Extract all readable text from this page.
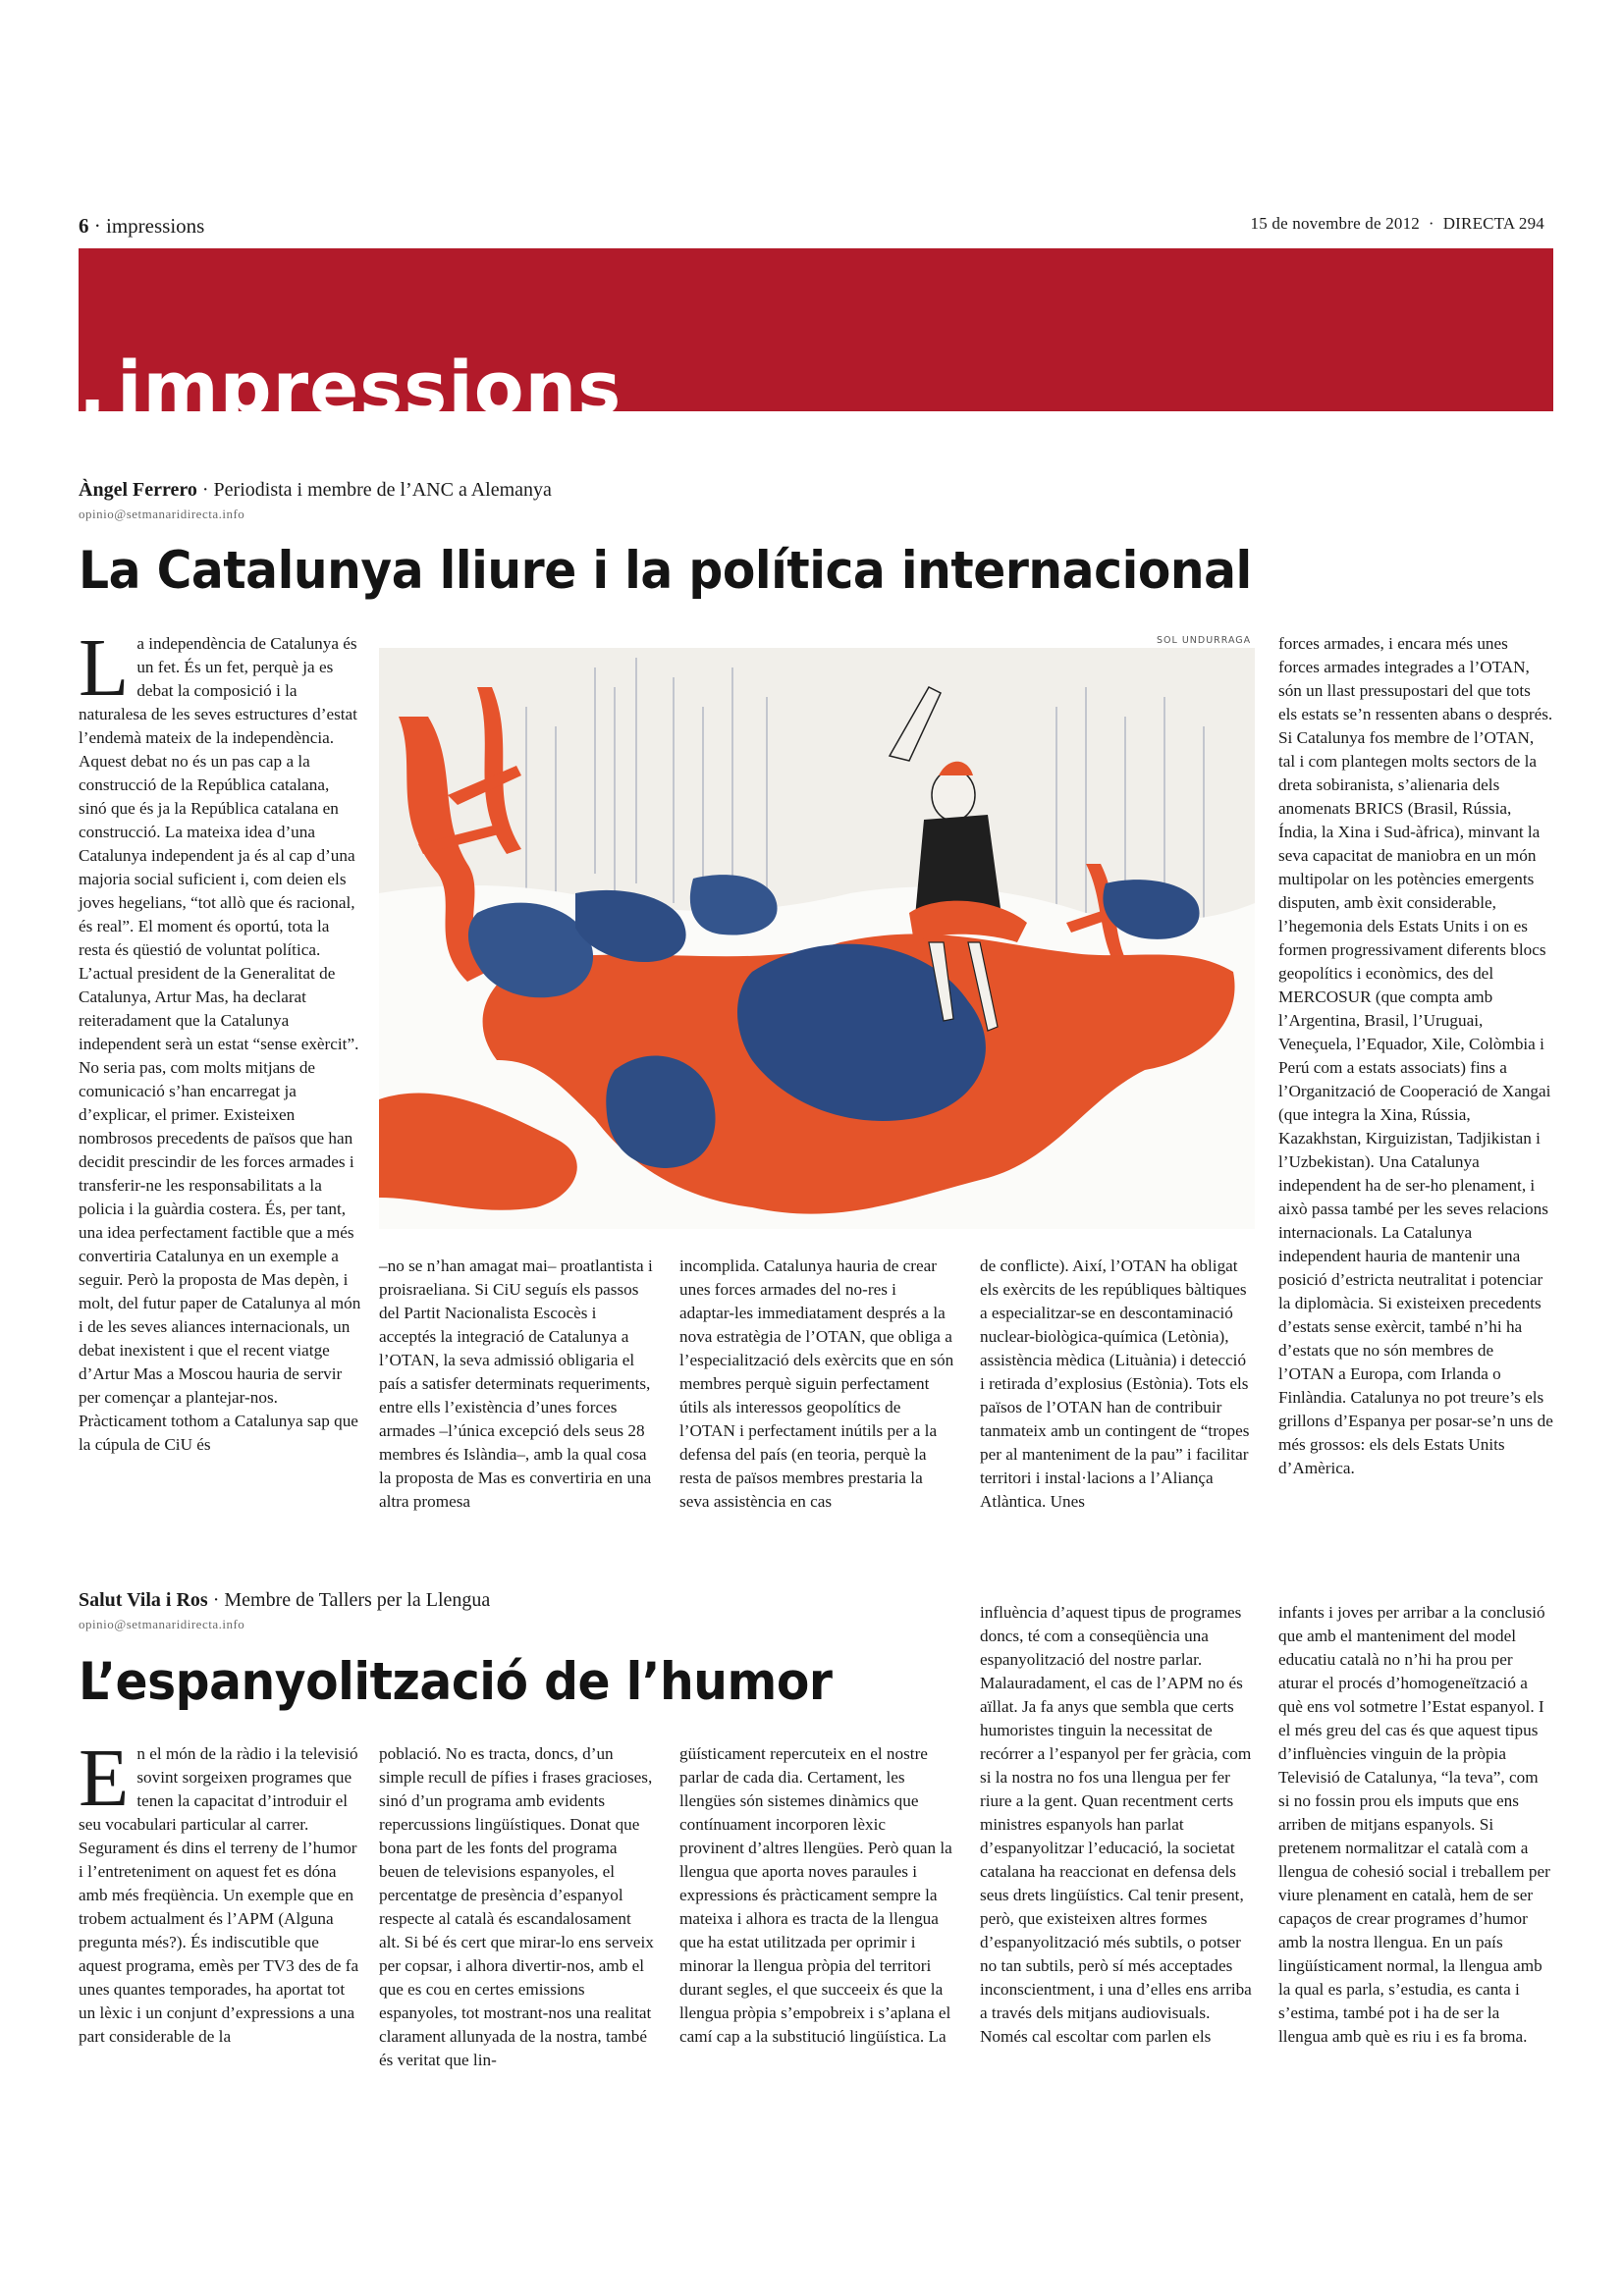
6 · impressions	15 de novembre de 2012 · DIRECTA 294
, impressions
Àngel Ferrero · Periodista i membre de l’ANC a Alemanya
opinio@setmanaridirecta.info
La Catalunya lliure i la política internacional
La independència de Catalunya és un fet. És un fet, perquè ja es debat la composició i la naturalesa de les seves estructures d’estat l’endemà mateix de la independència. Aquest debat no és un pas cap a la construcció de la República catalana, sinó que és ja la República catalana en construcció. La mateixa idea d’una Catalunya independent ja és al cap d’una majoria social suficient i, com deien els joves hegelians, “tot allò que és racional, és real”. El moment és oportú, tota la resta és qüestió de voluntat política. L’actual president de la Generalitat de Catalunya, Artur Mas, ha declarat reiteradament que la Catalunya independent serà un estat “sense exèrcit”. No seria pas, com molts mitjans de comunicació s’han encarregat ja d’explicar, el primer. Existeixen nombrosos precedents de països que han decidit prescindir de les forces armades i transferir-ne les responsabilitats a la policia i la guàrdia costera. És, per tant, una idea perfectament factible que a més convertiria Catalunya en un exemple a seguir. Però la proposta de Mas depèn, i molt, del futur paper de Catalunya al món i de les seves aliances internacionals, un debat inexistent i que el recent viatge d’Artur Mas a Moscou hauria de servir per començar a plantejar-nos. Pràcticament tothom a Catalunya sap que la cúpula de CiU és
SOL UNDURRAGA
–no se n’han amagat mai– proatlantista i proisraeliana. Si CiU seguís els passos del Partit Nacionalista Escocès i acceptés la integració de Catalunya a l’OTAN, la seva admissió obligaria el país a satisfer determinats requeriments, entre ells l’existència d’unes forces armades –l’única excepció dels seus 28 membres és Islàndia–, amb la qual cosa la proposta de Mas es convertiria en una altra promesa
incomplida. Catalunya hauria de crear unes forces armades del no-res i adaptar-les immediatament després a la nova estratègia de l’OTAN, que obliga a l’especialització dels exèrcits que en són membres perquè siguin perfectament útils als interessos geopolítics de l’OTAN i perfectament inútils per a la defensa del país (en teoria, perquè la resta de països membres prestaria la seva assistència en cas
de conflicte). Així, l’OTAN ha obligat els exèrcits de les repúbliques bàltiques a especialitzar-se en descontaminació nuclear-biològica-química (Letònia), assistència mèdica (Lituània) i detecció i retirada d’explosius (Estònia). Tots els països de l’OTAN han de contribuir tanmateix amb un contingent de “tropes per al manteniment de la pau” i facilitar territori i instal·lacions a l’Aliança Atlàntica. Unes
forces armades, i encara més unes forces armades integrades a l’OTAN, són un llast pressupostari del que tots els estats se’n ressenten abans o després. Si Catalunya fos membre de l’OTAN, tal i com plantegen molts sectors de la dreta sobiranista, s’alienaria dels anomenats BRICS (Brasil, Rússia, Índia, la Xina i Sud-àfrica), minvant la seva capacitat de maniobra en un món multipolar on les potències emergents disputen, amb èxit considerable, l’hegemonia dels Estats Units i on es formen progressivament diferents blocs geopolítics i econòmics, des del MERCOSUR (que compta amb l’Argentina, Brasil, l’Uruguai, Veneçuela, l’Equador, Xile, Colòmbia i Perú com a estats associats) fins a l’Organització de Cooperació de Xangai (que integra la Xina, Rússia, Kazakhstan, Kirguizistan, Tadjikistan i l’Uzbekistan). Una Catalunya independent ha de ser-ho plenament, i això passa també per les seves relacions internacionals. La Catalunya independent hauria de mantenir una posició d’estricta neutralitat i potenciar la diplomàcia. Si existeixen precedents d’estats sense exèrcit, també n’hi ha d’estats que no són membres de l’OTAN a Europa, com Irlanda o Finlàndia. Catalunya no pot treure’s els grillons d’Espanya per posar-se’n uns de més grossos: els dels Estats Units d’Amèrica.
Salut Vila i Ros · Membre de Tallers per la Llengua
opinio@setmanaridirecta.info
L’espanyolització de l’humor
En el món de la ràdio i la televisió sovint sorgeixen programes que tenen la capacitat d’introduir el seu vocabulari particular al carrer. Segurament és dins el terreny de l’humor i l’entreteniment on aquest fet es dóna amb més freqüència. Un exemple que en trobem actualment és l’APM (Alguna pregunta més?). És indiscutible que aquest programa, emès per TV3 des de fa unes quantes temporades, ha aportat tot un lèxic i un conjunt d’expressions a una part considerable de la
població. No es tracta, doncs, d’un simple recull de pífies i frases gracioses, sinó d’un programa amb evidents repercussions lingüístiques. Donat que bona part de les fonts del programa beuen de televisions espanyoles, el percentatge de presència d’espanyol respecte al català és escandalosament alt. Si bé és cert que mirar-lo ens serveix per copsar, i alhora divertir-nos, amb el que es cou en certes emissions espanyoles, tot mostrant-nos una realitat clarament allunyada de la nostra, també és veritat que lin-
güísticament repercuteix en el nostre parlar de cada dia. Certament, les llengües són sistemes dinàmics que contínuament incorporen lèxic provinent d’altres llengües. Però quan la llengua que aporta noves paraules i expressions és pràcticament sempre la mateixa i alhora es tracta de la llengua que ha estat utilitzada per oprimir i minorar la llengua pròpia del territori durant segles, el que succeeix és que la llengua pròpia s’empobreix i s’aplana el camí cap a la substitució lingüística. La
influència d’aquest tipus de programes doncs, té com a conseqüència una espanyolització del nostre parlar. Malauradament, el cas de l’APM no és aïllat. Ja fa anys que sembla que certs humoristes tinguin la necessitat de recórrer a l’espanyol per fer gràcia, com si la nostra no fos una llengua per fer riure a la gent. Quan recentment certs ministres espanyols han parlat d’espanyolitzar l’educació, la societat catalana ha reaccionat en defensa dels seus drets lingüístics. Cal tenir present, però, que existeixen altres formes d’espanyolització més subtils, o potser no tan subtils, però sí més acceptades inconscientment, i una d’elles ens arriba a través dels mitjans audiovisuals. Només cal escoltar com parlen els
infants i joves per arribar a la conclusió que amb el manteniment del model educatiu català no n’hi ha prou per aturar el procés d’homogeneïtzació a què ens vol sotmetre l’Estat espanyol. I el més greu del cas és que aquest tipus d’influències vinguin de la pròpia Televisió de Catalunya, “la teva”, com si no fossin prou els imputs que ens arriben de mitjans espanyols. Si pretenem normalitzar el català com a llengua de cohesió social i treballem per viure plenament en català, hem de ser capaços de crear programes d’humor amb la nostra llengua. En un país lingüísticament normal, la llengua amb la qual es parla, s’estudia, es canta i s’estima, també pot i ha de ser la llengua amb què es riu i es fa broma.
